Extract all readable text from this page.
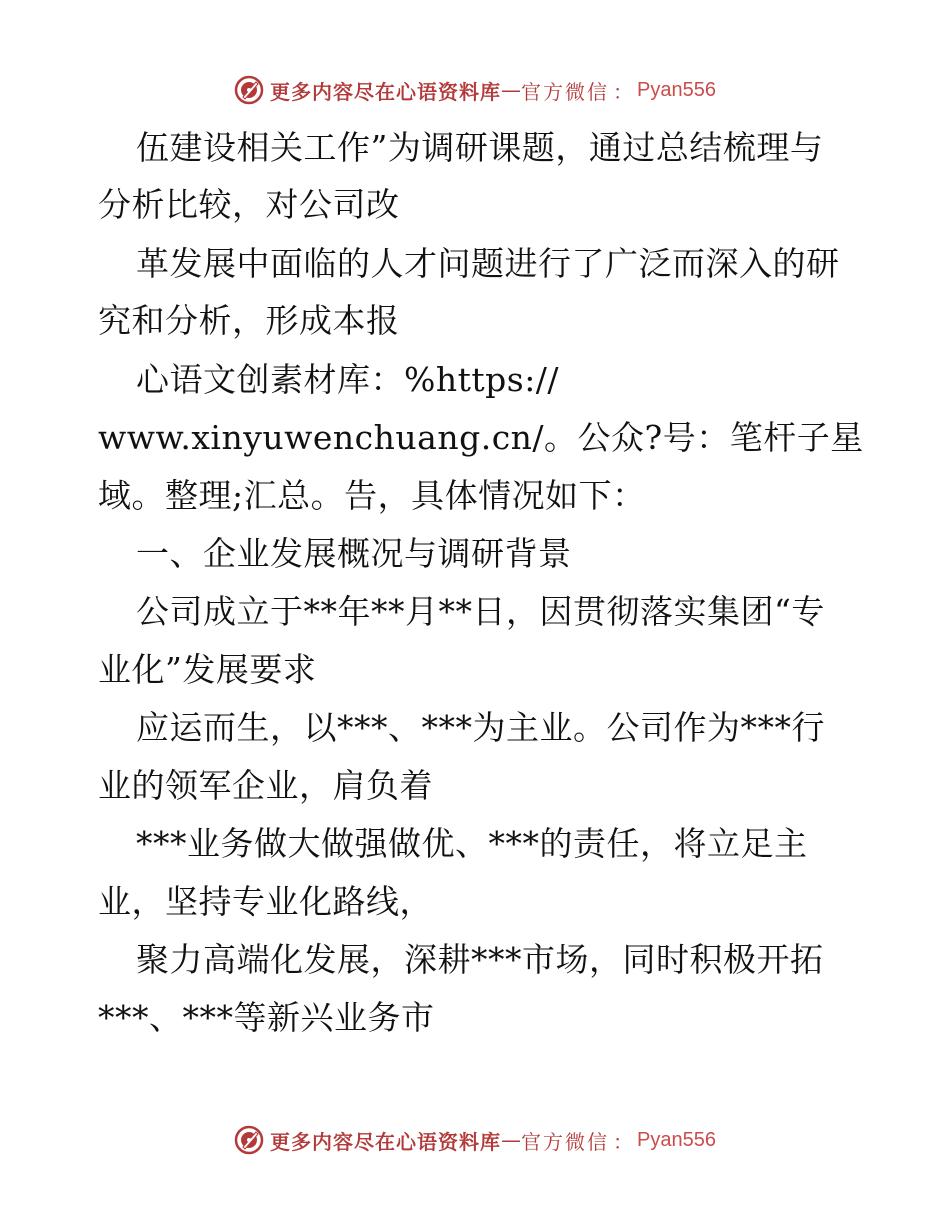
更多内容尽在心语资料库 — 官方微信 ： Pyan556
伍建设相关工作”为调研课题，通过总结梳理与
分析比较，对公司改
革发展中面临的人才问题进行了广泛而深入的研
究和分析，形成本报
心语文创素材库：%https://
www.xinyuwenchuang.cn/。公众?号：笔杆子星
域。整理;汇总。告，具体情况如下：
一、企业发展概况与调研背景
公司成立于**年**月**日，因贯彻落实集团“专
业化”发展要求
应运而生，以***、***为主业。公司作为***行
业的领军企业，肩负着
***业务做大做强做优、***的责任，将立足主
业，坚持专业化路线，
聚力高端化发展，深耕***市场，同时积极开拓
***、***等新兴业务市
更多内容尽在心语资料库 — 官方微信 ： Pyan556
